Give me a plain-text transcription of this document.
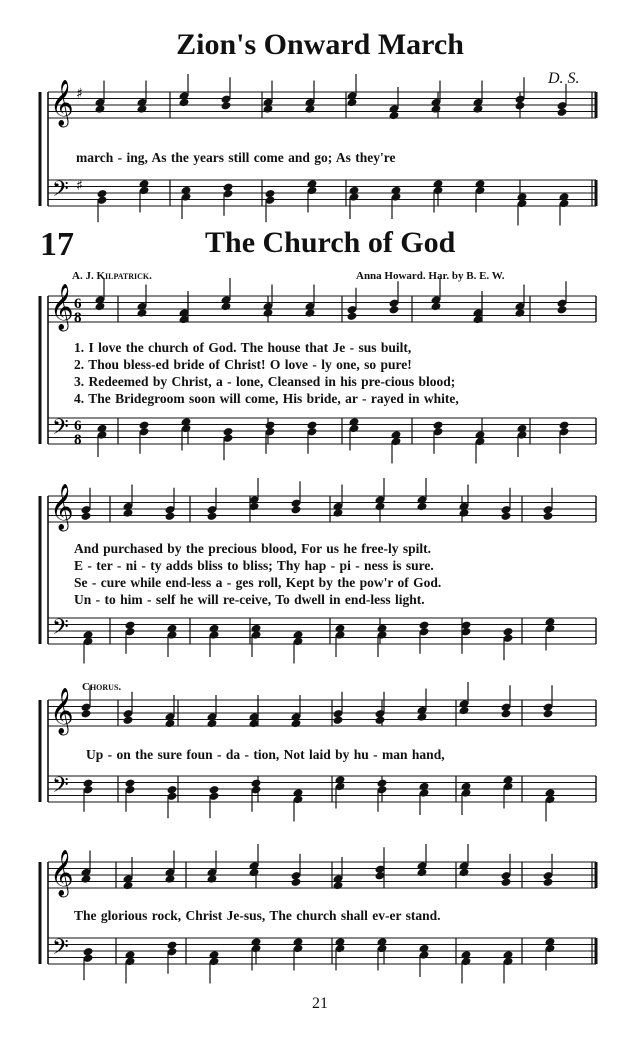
Zion's Onward March
D. S.
march - ing, As the years still come and go; As they're
17	The Church of God
A. J. Kilpatrick.	Anna Howard. Har. by B. E. W.
1. I love the church of God. The house that Je - sus built,
2. Thou bless-ed bride of Christ! O love - ly one, so pure!
3. Redeemed by Christ, a - lone, Cleansed in his pre-cious blood;
4. The Bridegroom soon will come, His bride, ar - rayed in white,
And purchased by the precious blood, For us he free-ly spilt.
E - ter - ni - ty adds bliss to bliss; Thy hap - pi - ness is sure.
Se - cure while end-less a - ges roll, Kept by the pow'r of God.
Un - to him - self he will re-ceive, To dwell in end-less light.
Chorus.
Up - on the sure foun - da - tion, Not laid by hu - man hand,
The glorious rock, Christ Je-sus, The church shall ev-er stand.
21
𝄞
𝄢
♯
♯
𝄞
𝄢
6
8
6
8
𝄞
𝄢
𝄞
𝄢
𝄞
𝄢
